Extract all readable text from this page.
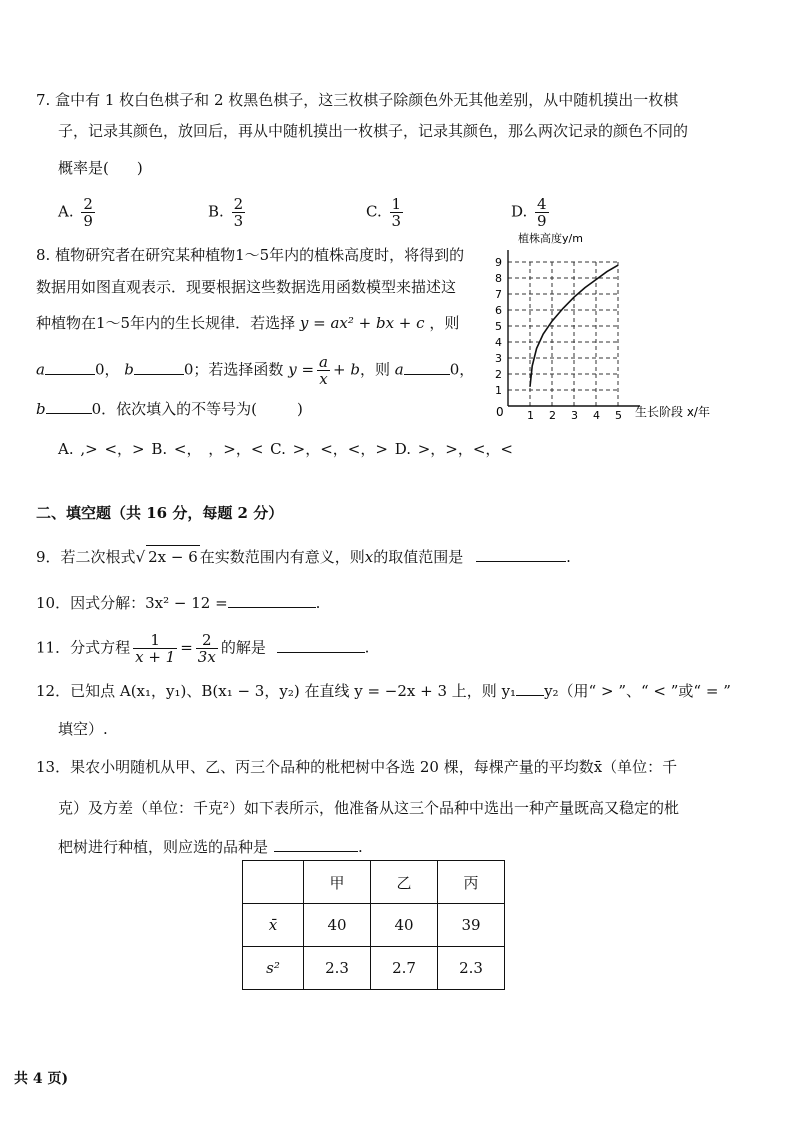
7. 盒中有 1 枚白色棋子和 2 枚黑色棋子，这三枚棋子除颜色外无其他差别，从中随机摸出一枚棋
子，记录其颜色，放回后，再从中随机摸出一枚棋子，记录其颜色，那么两次记录的颜色不同的
概率是( )
A. $\frac{2}{9}$	B. $\frac{2}{3}$	C. $\frac{1}{3}$	D. $\frac{4}{9}$
8. 植物研究者在研究某种植物1～5年内的植株高度时，将得到的
数据用如图直观表示．现要根据这些数据选用函数模型来描述这
种植物在1～5年内的生长规律．若选择 y = ax² + bx + c ，则
a	0， b	0；若选择函数 $y = \frac{a}{x} + b$，则 a	0，
b	0．依次填入的不等号为(	)
A. ,> <，> B. <， ，>，< C. >，<，<，> D. >，>，<，<
1
2
3
4
5
6
7
8
9
1 2 3 4 5
植株高度y/m
生长阶段 x/年
0
二、填空题（共 16 分，每题 2 分）
9．若二次根式√ 2x − 6 在实数范围内有意义，则x的取值范围是	.
10．因式分解：3x² − 12 =	.
11．分式方程 $\frac{1}{x + 1} = \frac{2}{3x}$ 的解是	.
12．已知点 A(x₁，y₁)、B(x₁ − 3，y₂) 在直线 y = −2x + 3 上，则 y₁ y₂（用“ > ”、“ < ”或“ = ”
填空）.
13．果农小明随机从甲、乙、丙三个品种的枇杷树中各选 20 棵，每棵产量的平均数x̄（单位：千
克）及方差（单位：千克²）如下表所示，他准备从这三个品种中选出一种产量既高又稳定的枇
杷树进行种植，则应选的品种是	.
	甲	乙	丙
x̄	40	40	39
s²	2.3	2.7	2.3
共 4 页)
